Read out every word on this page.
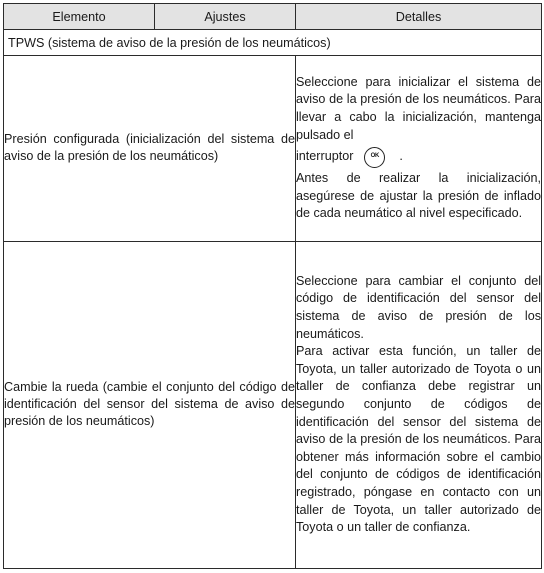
Elemento	Ajustes	Detalles
TPWS (sistema de aviso de la presión de los neumáticos)		
Presión configurada (inicialización del sistema de aviso de la presión de los neumáticos)		Seleccione para inicializar el sistema de aviso de la presión de los neumáticos. Para llevar a cabo la inicialización, mantenga pulsado el

interruptor OK .

Antes de realizar la inicialización, asegúrese de ajustar la presión de inflado de cada neumático al nivel especificado.

Cambie la rueda (cambie el conjunto del código de identificación del sensor del sistema de aviso de presión de los neumáticos)		Seleccione para cambiar el conjunto del código de identificación del sensor del sistema de aviso de presión de los neumáticos.

Para activar esta función, un taller de Toyota, un taller autorizado de Toyota o un taller de confianza debe registrar un segundo conjunto de códigos de identificación del sensor del sistema de aviso de la presión de los neumáticos. Para obtener más información sobre el cambio del conjunto de códigos de identificación registrado, póngase en contacto con un taller de Toyota, un taller autorizado de Toyota o un taller de confianza.
